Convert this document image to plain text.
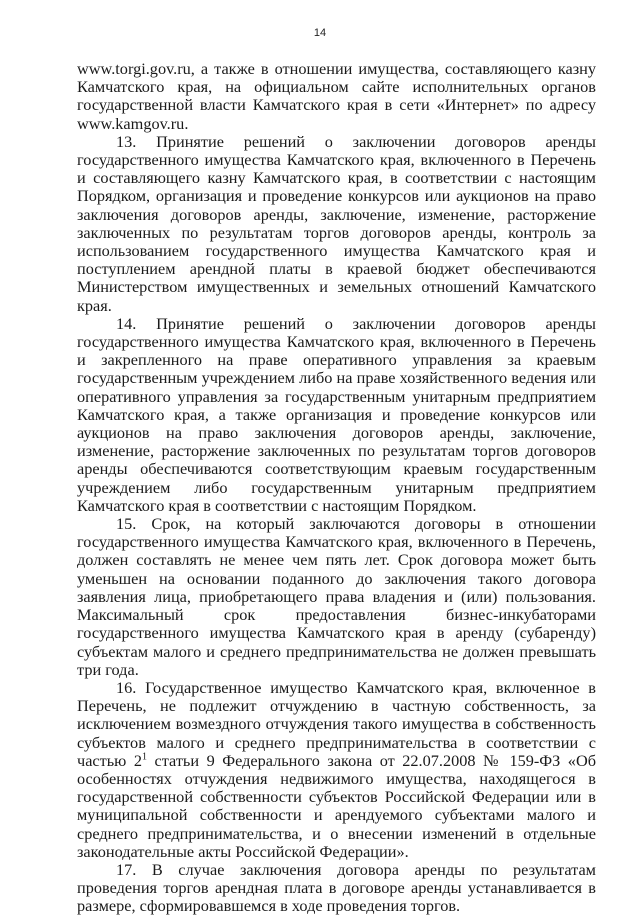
14

www.torgi.gov.ru, а также в отношении имущества, составляющего казну Камчатского края, на официальном сайте исполнительных органов государственной власти Камчатского края в сети «Интернет» по адресу www.kamgov.ru.

13. Принятие решений о заключении договоров аренды государственного имущества Камчатского края, включенного в Перечень и составляющего казну Камчатского края, в соответствии с настоящим Порядком, организация и проведение конкурсов или аукционов на право заключения договоров аренды, заключение, изменение, расторжение заключенных по результатам торгов договоров аренды, контроль за использованием государственного имущества Камчатского края и поступлением арендной платы в краевой бюджет обеспечиваются Министерством имущественных и земельных отношений Камчатского края.

14. Принятие решений о заключении договоров аренды государственного имущества Камчатского края, включенного в Перечень и закрепленного на праве оперативного управления за краевым государственным учреждением либо на праве хозяйственного ведения или оперативного управления за государственным унитарным предприятием Камчатского края, а также организация и проведение конкурсов или аукционов на право заключения договоров аренды, заключение, изменение, расторжение заключенных по результатам торгов договоров аренды обеспечиваются соответствующим краевым государственным учреждением либо государственным унитарным предприятием Камчатского края в соответствии с настоящим Порядком.

15. Срок, на который заключаются договоры в отношении государственного имущества Камчатского края, включенного в Перечень, должен составлять не менее чем пять лет. Срок договора может быть уменьшен на основании поданного до заключения такого договора заявления лица, приобретающего права владения и (или) пользования. Максимальный срок предоставления бизнес-инкубаторами государственного имущества Камчатского края в аренду (субаренду) субъектам малого и среднего предпринимательства не должен превышать три года.

16. Государственное имущество Камчатского края, включенное в Перечень, не подлежит отчуждению в частную собственность, за исключением возмездного отчуждения такого имущества в собственность субъектов малого и среднего предпринимательства в соответствии с частью $2^1$ статьи 9 Федерального закона от 22.07.2008 № 159-ФЗ «Об особенностях отчуждения недвижимого имущества, находящегося в государственной собственности субъектов Российской Федерации или в муниципальной собственности и арендуемого субъектами малого и среднего предпринимательства, и о внесении изменений в отдельные законодательные акты Российской Федерации».

17. В случае заключения договора аренды по результатам проведения торгов арендная плата в договоре аренды устанавливается в размере, сформировавшемся в ходе проведения торгов.
